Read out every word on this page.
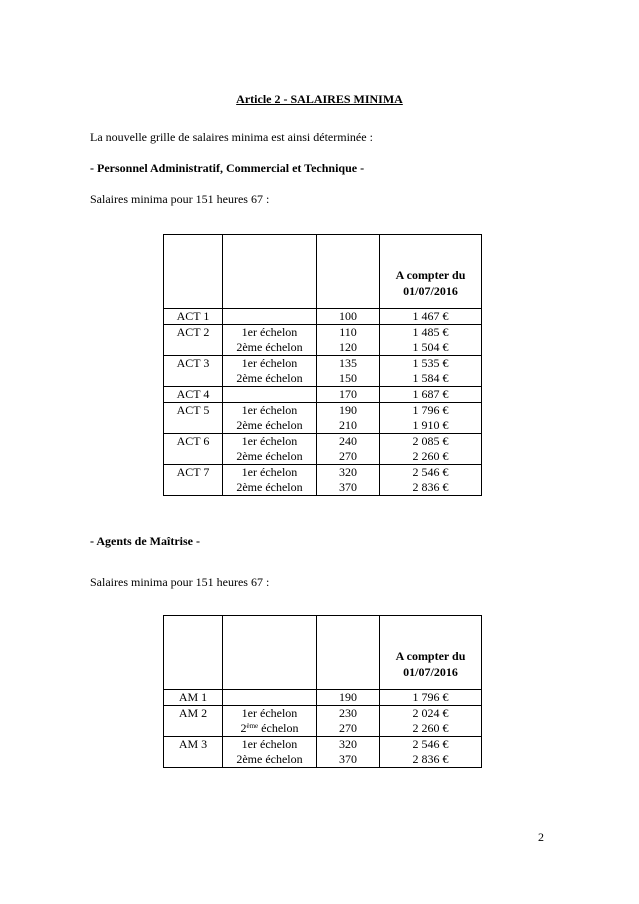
Article 2 - SALAIRES MINIMA

La nouvelle grille de salaires minima est ainsi déterminée :

- Personnel Administratif, Commercial et Technique -

Salaires minima pour 151 heures 67 :

			A compter du
01/07/2016
ACT 1		100	1 467 €
ACT 2	1er échelon	110	1 485 €
	2ème échelon	120	1 504 €
ACT 3	1er échelon	135	1 535 €
	2ème échelon	150	1 584 €
ACT 4		170	1 687 €
ACT 5	1er échelon	190	1 796 €
	2ème échelon	210	1 910 €
ACT 6	1er échelon	240	2 085 €
	2ème échelon	270	2 260 €
ACT 7	1er échelon	320	2 546 €
	2ème échelon	370	2 836 €

- Agents de Maîtrise -

Salaires minima pour 151 heures 67 :

			A compter du
01/07/2016
AM 1		190	1 796 €
AM 2	1er échelon	230	2 024 €
	2ème échelon	270	2 260 €
AM 3	1er échelon	320	2 546 €
	2ème échelon	370	2 836 €

2
